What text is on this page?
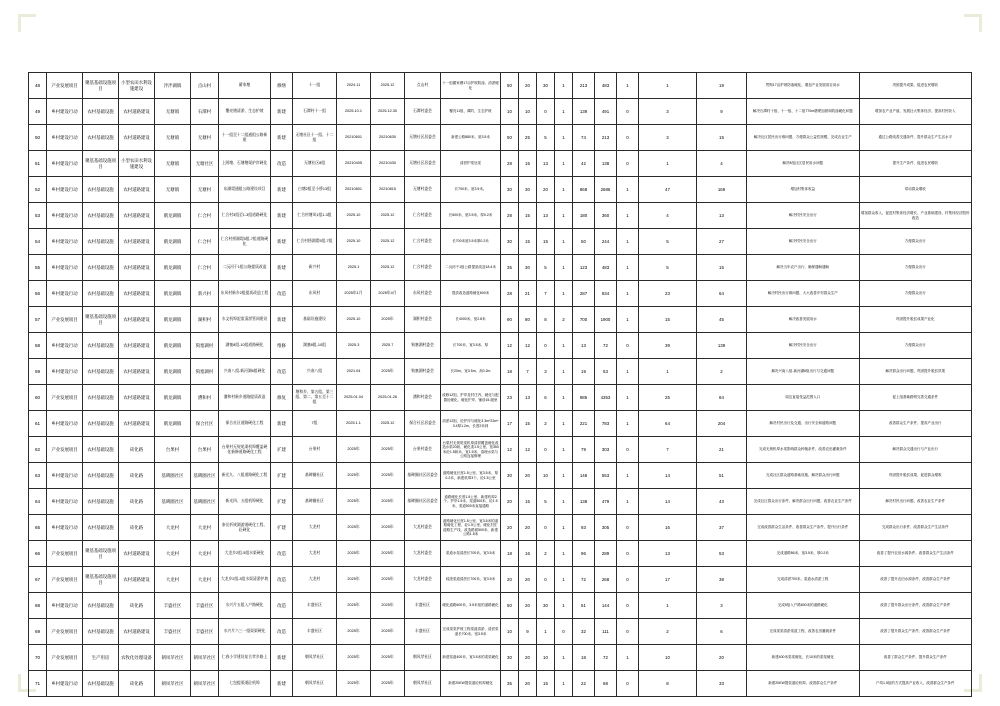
48	产业发展项目	聚基基础设施项目	小型农田水利设施建设	泮泮湖镇	点山村	蓄家塘	修缮	十一组	2024.11	2025.12	点山村	十一组蓄家塘17亩护坡防渗、清淤硬化	50	20	30	1	213	483	1	1	19	贯彻17亩护坡防渗硬化、增加产业发展项目用水	巩固提升成果、促进农民增收
49	乡村建设行动	农村基础设施	农村道路建设	无塘镇	石潭村	覆亮塘清淤、生态护坡	新建	石潭村十一组	2025.10.1	2025.12.30	石潭村委会	覆亮11组、潭的、生态护坡	10	10	0	1	139	491	0	3	9	解决石潭村十组、十一组、十二组770m塘堤加固和防渗硬化问题	增加农产业产值、发展壮大集体经济、提高村民收入
50	乡村建设行动	农村基础设施	农村道路建设	无塘镇	无塘村	十一组至十二组通组公路新建	新建	无塘社区十一组、十二组	20210601	20210630	无塘社区居委会	新建公路880米、宽3.5米	50	25	5	1	74	213	0	3	15	解决社区居民出行难问题、方便群众公益性规模、完成农业生产	通过公路改善交通条件、提升群众生产生活水平
51	乡村建设行动	聚基基础设施项目	小型农田水利设施建设	无塘镇	无塘社区	上阿塘、石塘塘渠护岸硬化	改造	无塘社区8组	20210405	20210430	无塘社区居委会	清淤护渠处渠	28	15	13	1	42	138	0	1	4	解决8组社区居民用水问题	提升生产条件、促进农民增收
52	乡村建设行动	农村基础设施	农村道路建设	无塘镇	无塘村	东湖堤通组公路建设项目	新建	白塘2组至小桥13组	20210801	20210815	无塘村委会	长700米、宽3.5米。	30	30	20	1	868	2686	1	47	169	增加村集体收益	带动群众增收
53	乡村建设行动	农村基础设施	农村道路建设	鹤龙湖镇	仁合村	仁合村3组至1-3组道路硬化	新建	仁合村塘风1组1-3组	2025.10	2025.12	仁合村委会	长600米、宽3.5米、厚0.2米	28	15	13	1	180	360	1	4	13	解决村民安全出行	增加群众收入、促进村集体经济增长、产业基础建设、村集体经济股份改造
54	乡村建设行动	农村基础设施	农村道路建设	鹤龙湖镇	仁合村	仁合村捞湖堤5组-7组道路硬化	新建	仁合村捞湖堤5组-7组	2025.10	2025.12	仁合村委会	长700米宽3.5米厚0.2米	30	15	15	1	50	244	1	5	27	解决村民安全出行	方便群众出行
55	乡村建设行动	农村基础设施	农村道路建设	鹤龙湖镇	仁合村	二沅河干1组公路提质改造	新建	新兴村	2025.1	2025.12	仁合村委会	二沅河干1组公路提质改造18.4米	35	30	5	1	123	483	1	5	15	解决当年农户出行、确保通畅通畅	方便群众出行
56	乡村建设行动	农村基础设施	农村道路建设	鹤龙湖镇	新兴村	东风村新乡2组提质改造工程	改造	东风村	2025年1月	2025年4月	东风村委会	提质改造道路硬化600米	28	21	7	1	287	834	1	23	64	解决村民出行难问题、大大改善乡村群众生产	方便群众出行
57	产业发展项目	聚基基础设施项目	农村道路建设	鹤龙湖镇	湖积村	水文机埠泥浆清淤管网建设	新建	基础设施建设	2025.10	2025年	湖积村委会	长4000米、宽2.8米	90	80	8	2	700	1900	1	15	45	解决改善发展用水	巩固提升脱贫成果产业化
58	乡村建设行动	农村基础设施	农村道路建设	鹤龙湖镇	狗塞湖村	湖塞8组-10组道路硬化	维修	湖塞8组-10组	2025.3	2025.7	狗塞湖村委会	长700米、宽3.5米、厚	12	12	0	1	13	72	0	39	139	解决村民安全出行	方便群众出行
59	乡村建设行动	农村基础设施	农村道路建设	鹤龙湖镇	狗塞湖村	兴南八组-新河湖6组硬化	改造	兴南八组	2021.04	2025年	狗塞湖村委会	长20m、宽3.5m、高0.2m	18	7	3	1	19	53	1	1	2	解决兴南八组-新河湖6组出行与交通问题	解决群众出行问题、巩固提升脱贫效果
60	产业发展项目	农村基础设施	农村道路建设	鹤龙湖镇	漕和村	漕和村新乡道路提质改造	修复	塘和乡、第五组、第三组、第二、第五至十二组	2025.01.04	2025.01.26	漕和村委会	改修12组、护岸及村庄内、硬化与配置砼硬化、硬化护岸、铺设15-级里	23	13	6	1	985	4353	1	25	84	周边直接受益范围人口	促上组基础路网完善交通条件
61	乡村建设行动	农村基础设施	农村道路建设	鹤龙湖镇	保合社区	保合社区道路硬化工程	新建	7组	2025.1.1	2025.12	保合社区居委会	清淤12组、砼护岸与硬化3.3m*22m*0.4厚1.2m、长度2米到	17	15	2	1	221	783	1	64	204	解决村民出行及交通、出行安全和道路问题	改善群众生产条件、提高产业出行
62	产业发展项目	农村基础设施	砖化路	台果村	台果村	台果村无规尾渠机埠覆盖硬化新修道路硬化工程	扩建	台果村	2025年	2025年	台果村委会	台果村无规尾渠机埠清淤覆盖硬化改造水渠20纵、硬化渠1.5公里、宽350米砼1.5纵米、宽1.5米，清理水渠与公路连接修理	12	12	0	1	79	303	0	7	21	完成无规机埠水渠影响群众种植条件、改善农田灌溉条件	解决群众交通出行与产业出行
63	乡村建设行动	农村基础设施	砖化路	基碑圈社区	基碑圈社区	新光九、八组道路硬化工程	扩建	基碑圈社区	2025年	2025年	基碑圈社区居委会	道路硬化长度1.5公里、宽3.5米、厚0.2米，新建机埠3个、砼1.5公里	30	20	10	1	148	553	1	14	51	完成社区群众道路基础设施、解决群众出行问题	巩固提升脱贫成果、促进群众增收
64	乡村建设行动	农村基础设施	砖化路	基碑圈社区	基碑圈社区	新光四、五组机埠硬化	扩建	基碑圈社区	2025年	2025年	基碑圈社区居委会	道路硬化长度1.5公里、新建机埠2个、护岸1.5米、渠道500米、砼1.5米、渠道500米直接通路	20	15	5	1	138	479	1	14	43	完成社区群众出行条件、解决群众出行问题、改善农业生产条件	解决村民出行问题、改善农业生产条件
65	乡村建设行动	农村基础设施	砖化路	大龙村	大龙村	泰岳折规湖游道硬化工程、砼硬化	扩建	大龙村	2025年	2025年	大龙村委会	道路硬化长度1.5公里、宽3.5米的道路硬化工程、砼1.5公里、硬化村庄道路生产线、改造路面500米、新建公路1.5米	20	20	0	1	93	305	0	16	37	完成改善群众生活条件、改善群众生产条件、提升出行条件	完成群众出行条件、改善群众生产生活条件
66	产业发展项目	聚基基础设施项目	农村道路建设	大龙村	大龙村	大龙乡2组-5组水渠硬化	改造	大龙村	2025年	2025年	大龙村委会	渠道水渠清淤长700米、宽3.5米	18	16	2	1	96	289	0	13	53	完成道路86米、宽3.5米、厚0.2米	改善了提升农田水源条件、改善群众生产生活条件
67	产业发展项目	聚基基础设施项目	农村道路建设	大龙村	大龙村	大龙乡2组-3组水渠清淤护坡	改造	大龙村	2025年	2025年	大龙村委会	疏浚渠道清淤长700米、宽3.5米	20	20	0	1	72	268	0	17	38	完成清淤700米、渠道水清淤工程	改善了提升农田水源条件、改善群众生产条件
68	乡村建设行动	农村基础设施	砖化路	丰盛社区	丰盛社区	水兴片五组入户路硬化	改造	丰盛社区	2025年	2025年	丰盛社区	硬化道路600米、3.5米宽的道路硬化	50	20	30	1	51	144	0	1	3	完成5组入户路600米的道路硬化	改善了提升群众出行条件、改善群众生产条件
69	产业发展项目	农村基础设施	农村道路建设	丰盛社区	丰盛社区	水兴片六三一组渠渠硬化	改造	丰盛社区	2025年	2025年	丰盛社区	完成渠渠护坡工程渠道清淤、清淤渠道长700米、宽3.5米	10	9	1	0	32	111	0	2	6	完成渠渠清淤渠道工程、改善农田灌溉条件	改善了提升群众生产条件、改善群众生产条件
70	产业发展项目	生产用房	农牧化处理设备	朝凤苹社区	朝凤苹社区	仁春小学建设复合苹乡路上	新建	朝凤苹社区	2025年	2025年	朝凤苹社区	新建渠道400米、宽3.5米的渠渠硬化	30	20	10	1	18	72	1	10	20	新建400米渠渠硬化、长10米的渠渠硬化	改善了群众生产条件、提升群众生产条件
71	乡村建设行动	农村基础设施	砖化路	朝凤苹社区	朝凤苹社区	七包提渠道砼机埠	新建	朝凤苹社区	2025年	2025年	朝凤苹社区	新建20KW提渠道砼机埠硬化	35	20	15	1	22	68	0	8	33	新建20KW提渠道砼机埠、改善群众生产条件	户均1.5倍的方式提高产业收入、改善群众生产条件
